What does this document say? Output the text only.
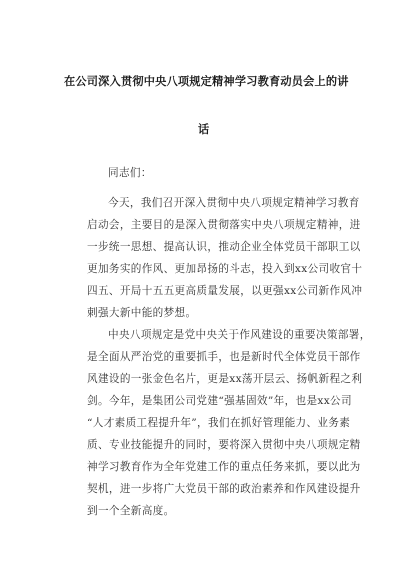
在公司深入贯彻中央八项规定精神学习教育动员会上的讲
话
同志们：
今天，我们召开深入贯彻中央八项规定精神学习教育
启动会，主要目的是深入贯彻落实中央八项规定精神，进
一步统一思想、提高认识，推动企业全体党员干部职工以
更加务实的作风、更加昂扬的斗志，投入到xx公司收官十
四五、开局十五五更高质量发展，以更强xx公司新作风冲
刺强大新中能的梦想。
中央八项规定是党中央关于作风建设的重要决策部署，
是全面从严治党的重要抓手，也是新时代全体党员干部作
风建设的一张金色名片，更是xx荡开层云、扬帆新程之利
剑。今年，是集团公司党建“强基固效”年，也是xx公司
“人才素质工程提升年”，我们在抓好管理能力、业务素
质、专业技能提升的同时，要将深入贯彻中央八项规定精
神学习教育作为全年党建工作的重点任务来抓，要以此为
契机，进一步将广大党员干部的政治素养和作风建设提升
到一个全新高度。
